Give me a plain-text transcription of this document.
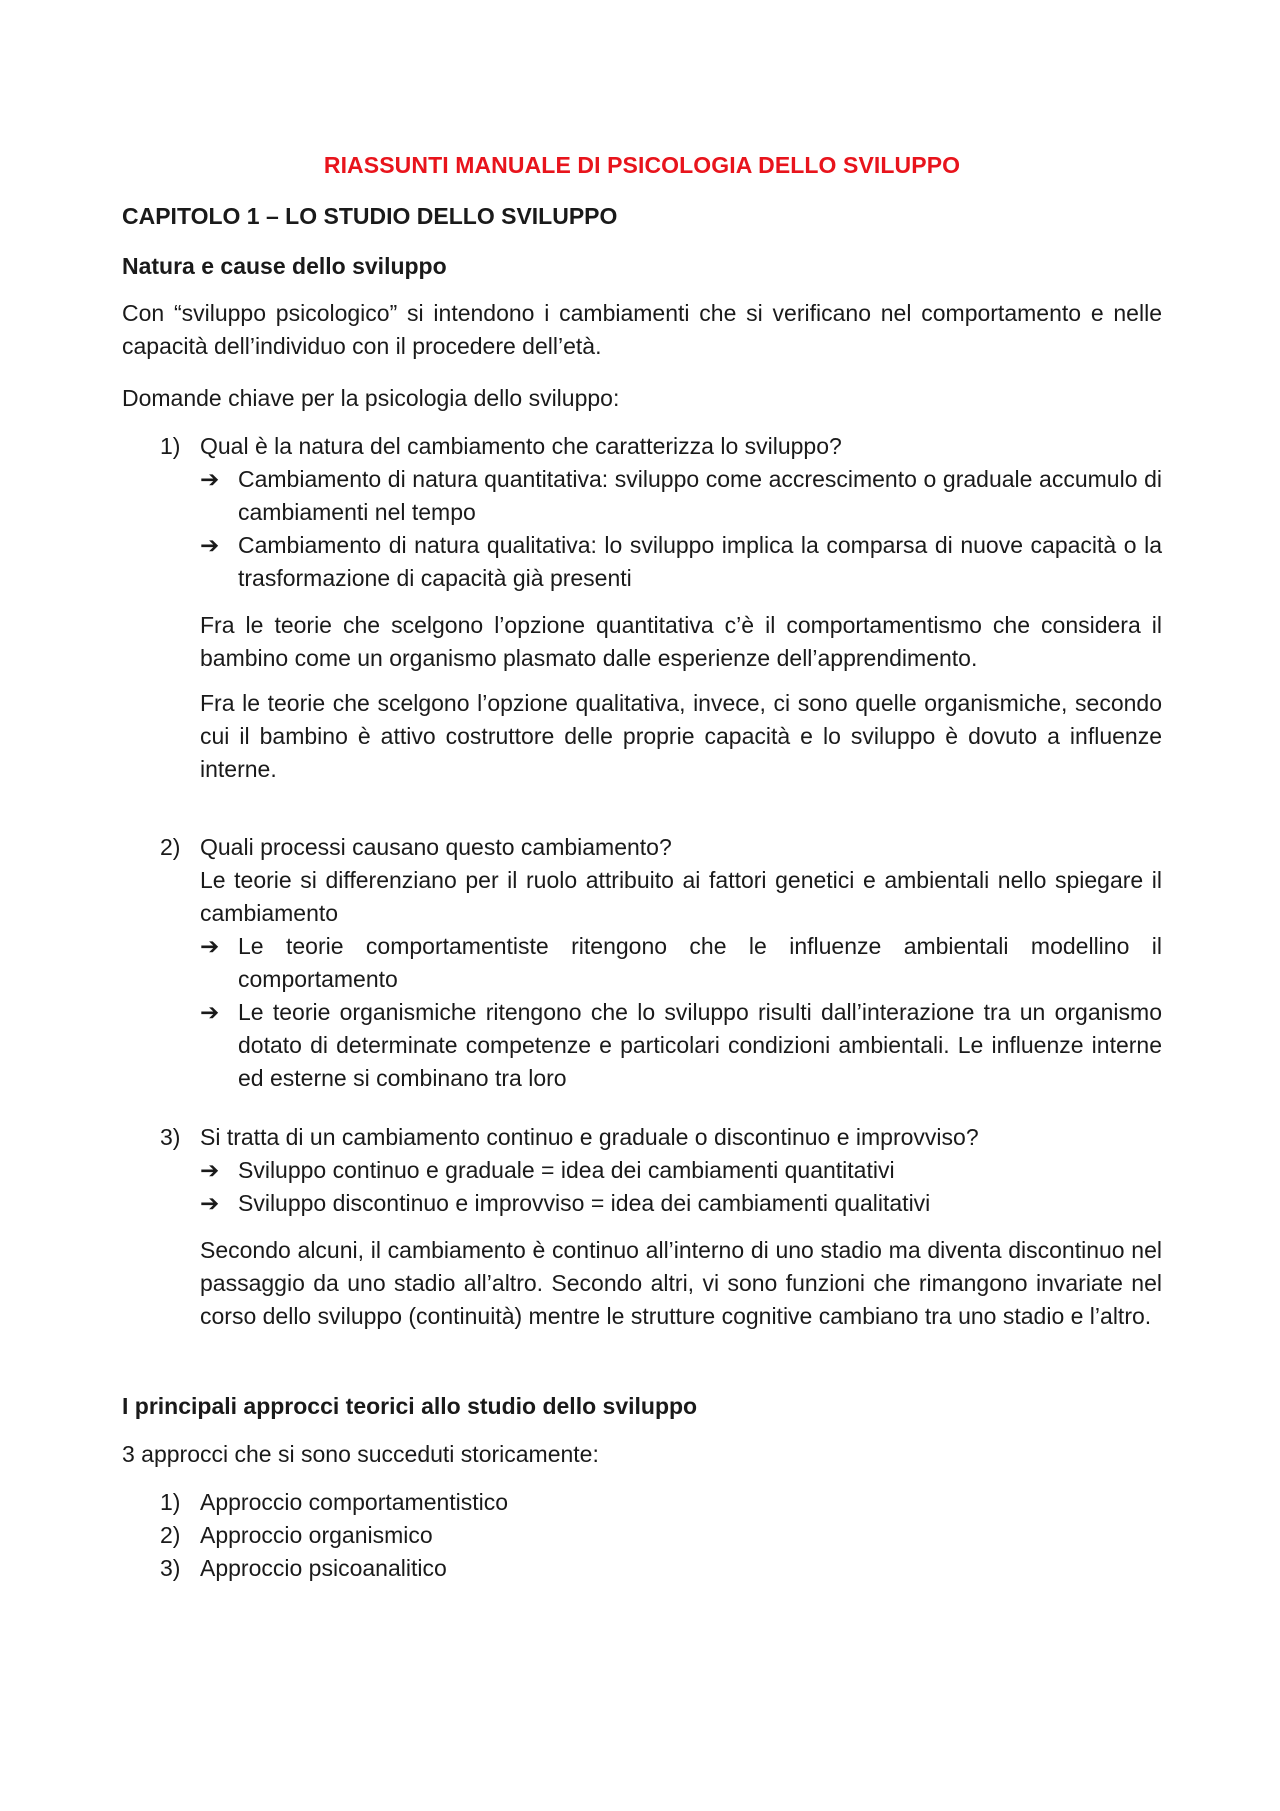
RIASSUNTI MANUALE DI PSICOLOGIA DELLO SVILUPPO
CAPITOLO 1 – LO STUDIO DELLO SVILUPPO
Natura e cause dello sviluppo
Con “sviluppo psicologico” si intendono i cambiamenti che si verificano nel comportamento e nelle capacità dell’individuo con il procedere dell’età.
Domande chiave per la psicologia dello sviluppo:
1) Qual è la natura del cambiamento che caratterizza lo sviluppo?
➔ Cambiamento di natura quantitativa: sviluppo come accrescimento o graduale accumulo di cambiamenti nel tempo
➔ Cambiamento di natura qualitativa: lo sviluppo implica la comparsa di nuove capacità o la trasformazione di capacità già presenti
Fra le teorie che scelgono l’opzione quantitativa c’è il comportamentismo che considera il bambino come un organismo plasmato dalle esperienze dell’apprendimento.
Fra le teorie che scelgono l’opzione qualitativa, invece, ci sono quelle organismiche, secondo cui il bambino è attivo costruttore delle proprie capacità e lo sviluppo è dovuto a influenze interne.
2) Quali processi causano questo cambiamento?
Le teorie si differenziano per il ruolo attribuito ai fattori genetici e ambientali nello spiegare il cambiamento
➔ Le teorie comportamentiste ritengono che le influenze ambientali modellino il comportamento
➔ Le teorie organismiche ritengono che lo sviluppo risulti dall’interazione tra un organismo dotato di determinate competenze e particolari condizioni ambientali. Le influenze interne ed esterne si combinano tra loro
3) Si tratta di un cambiamento continuo e graduale o discontinuo e improvviso?
➔ Sviluppo continuo e graduale = idea dei cambiamenti quantitativi
➔ Sviluppo discontinuo e improvviso = idea dei cambiamenti qualitativi
Secondo alcuni, il cambiamento è continuo all’interno di uno stadio ma diventa discontinuo nel passaggio da uno stadio all’altro. Secondo altri, vi sono funzioni che rimangono invariate nel corso dello sviluppo (continuità) mentre le strutture cognitive cambiano tra uno stadio e l’altro.
I principali approcci teorici allo studio dello sviluppo
3 approcci che si sono succeduti storicamente:
1) Approccio comportamentistico
2) Approccio organismico
3) Approccio psicoanalitico
